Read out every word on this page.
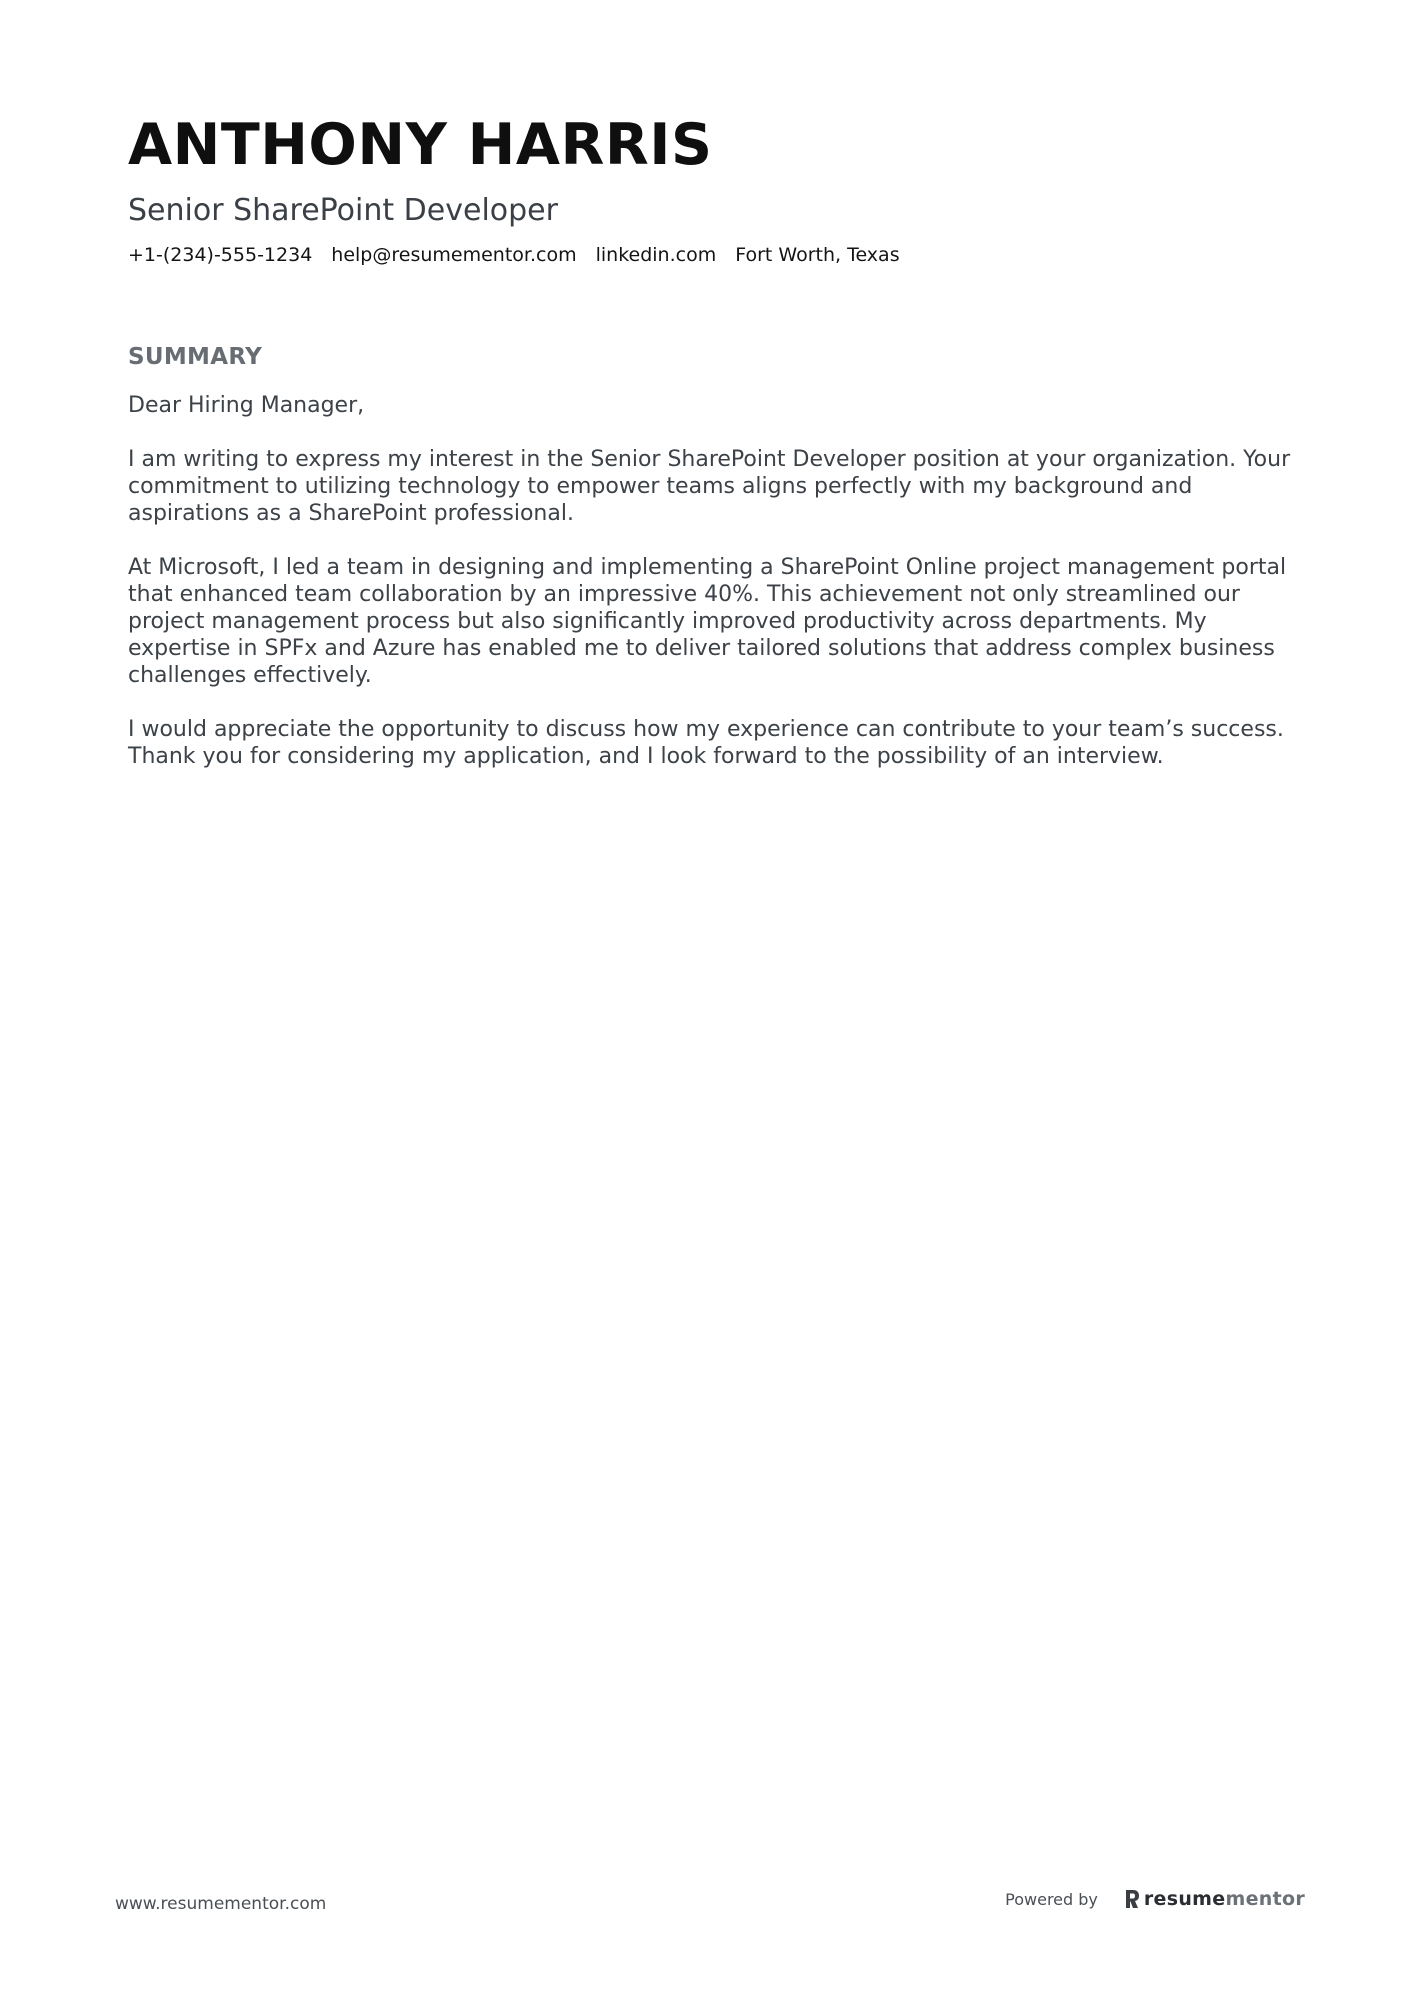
ANTHONY HARRIS
Senior SharePoint Developer
+1-(234)-555-1234 help@resumementor.com linkedin.com Fort Worth, Texas
SUMMARY

Dear Hiring Manager,

I am writing to express my interest in the Senior SharePoint Developer position at your organization. Your commitment to utilizing technology to empower teams aligns perfectly with my background and aspirations as a SharePoint professional.

At Microsoft, I led a team in designing and implementing a SharePoint Online project management portal that enhanced team collaboration by an impressive 40%. This achievement not only streamlined our project management process but also significantly improved productivity across departments. My expertise in SPFx and Azure has enabled me to deliver tailored solutions that address complex business challenges effectively.

I would appreciate the opportunity to discuss how my experience can contribute to your team’s success. Thank you for considering my application, and I look forward to the possibility of an interview.

www.resumementor.com	Powered by resumementor
